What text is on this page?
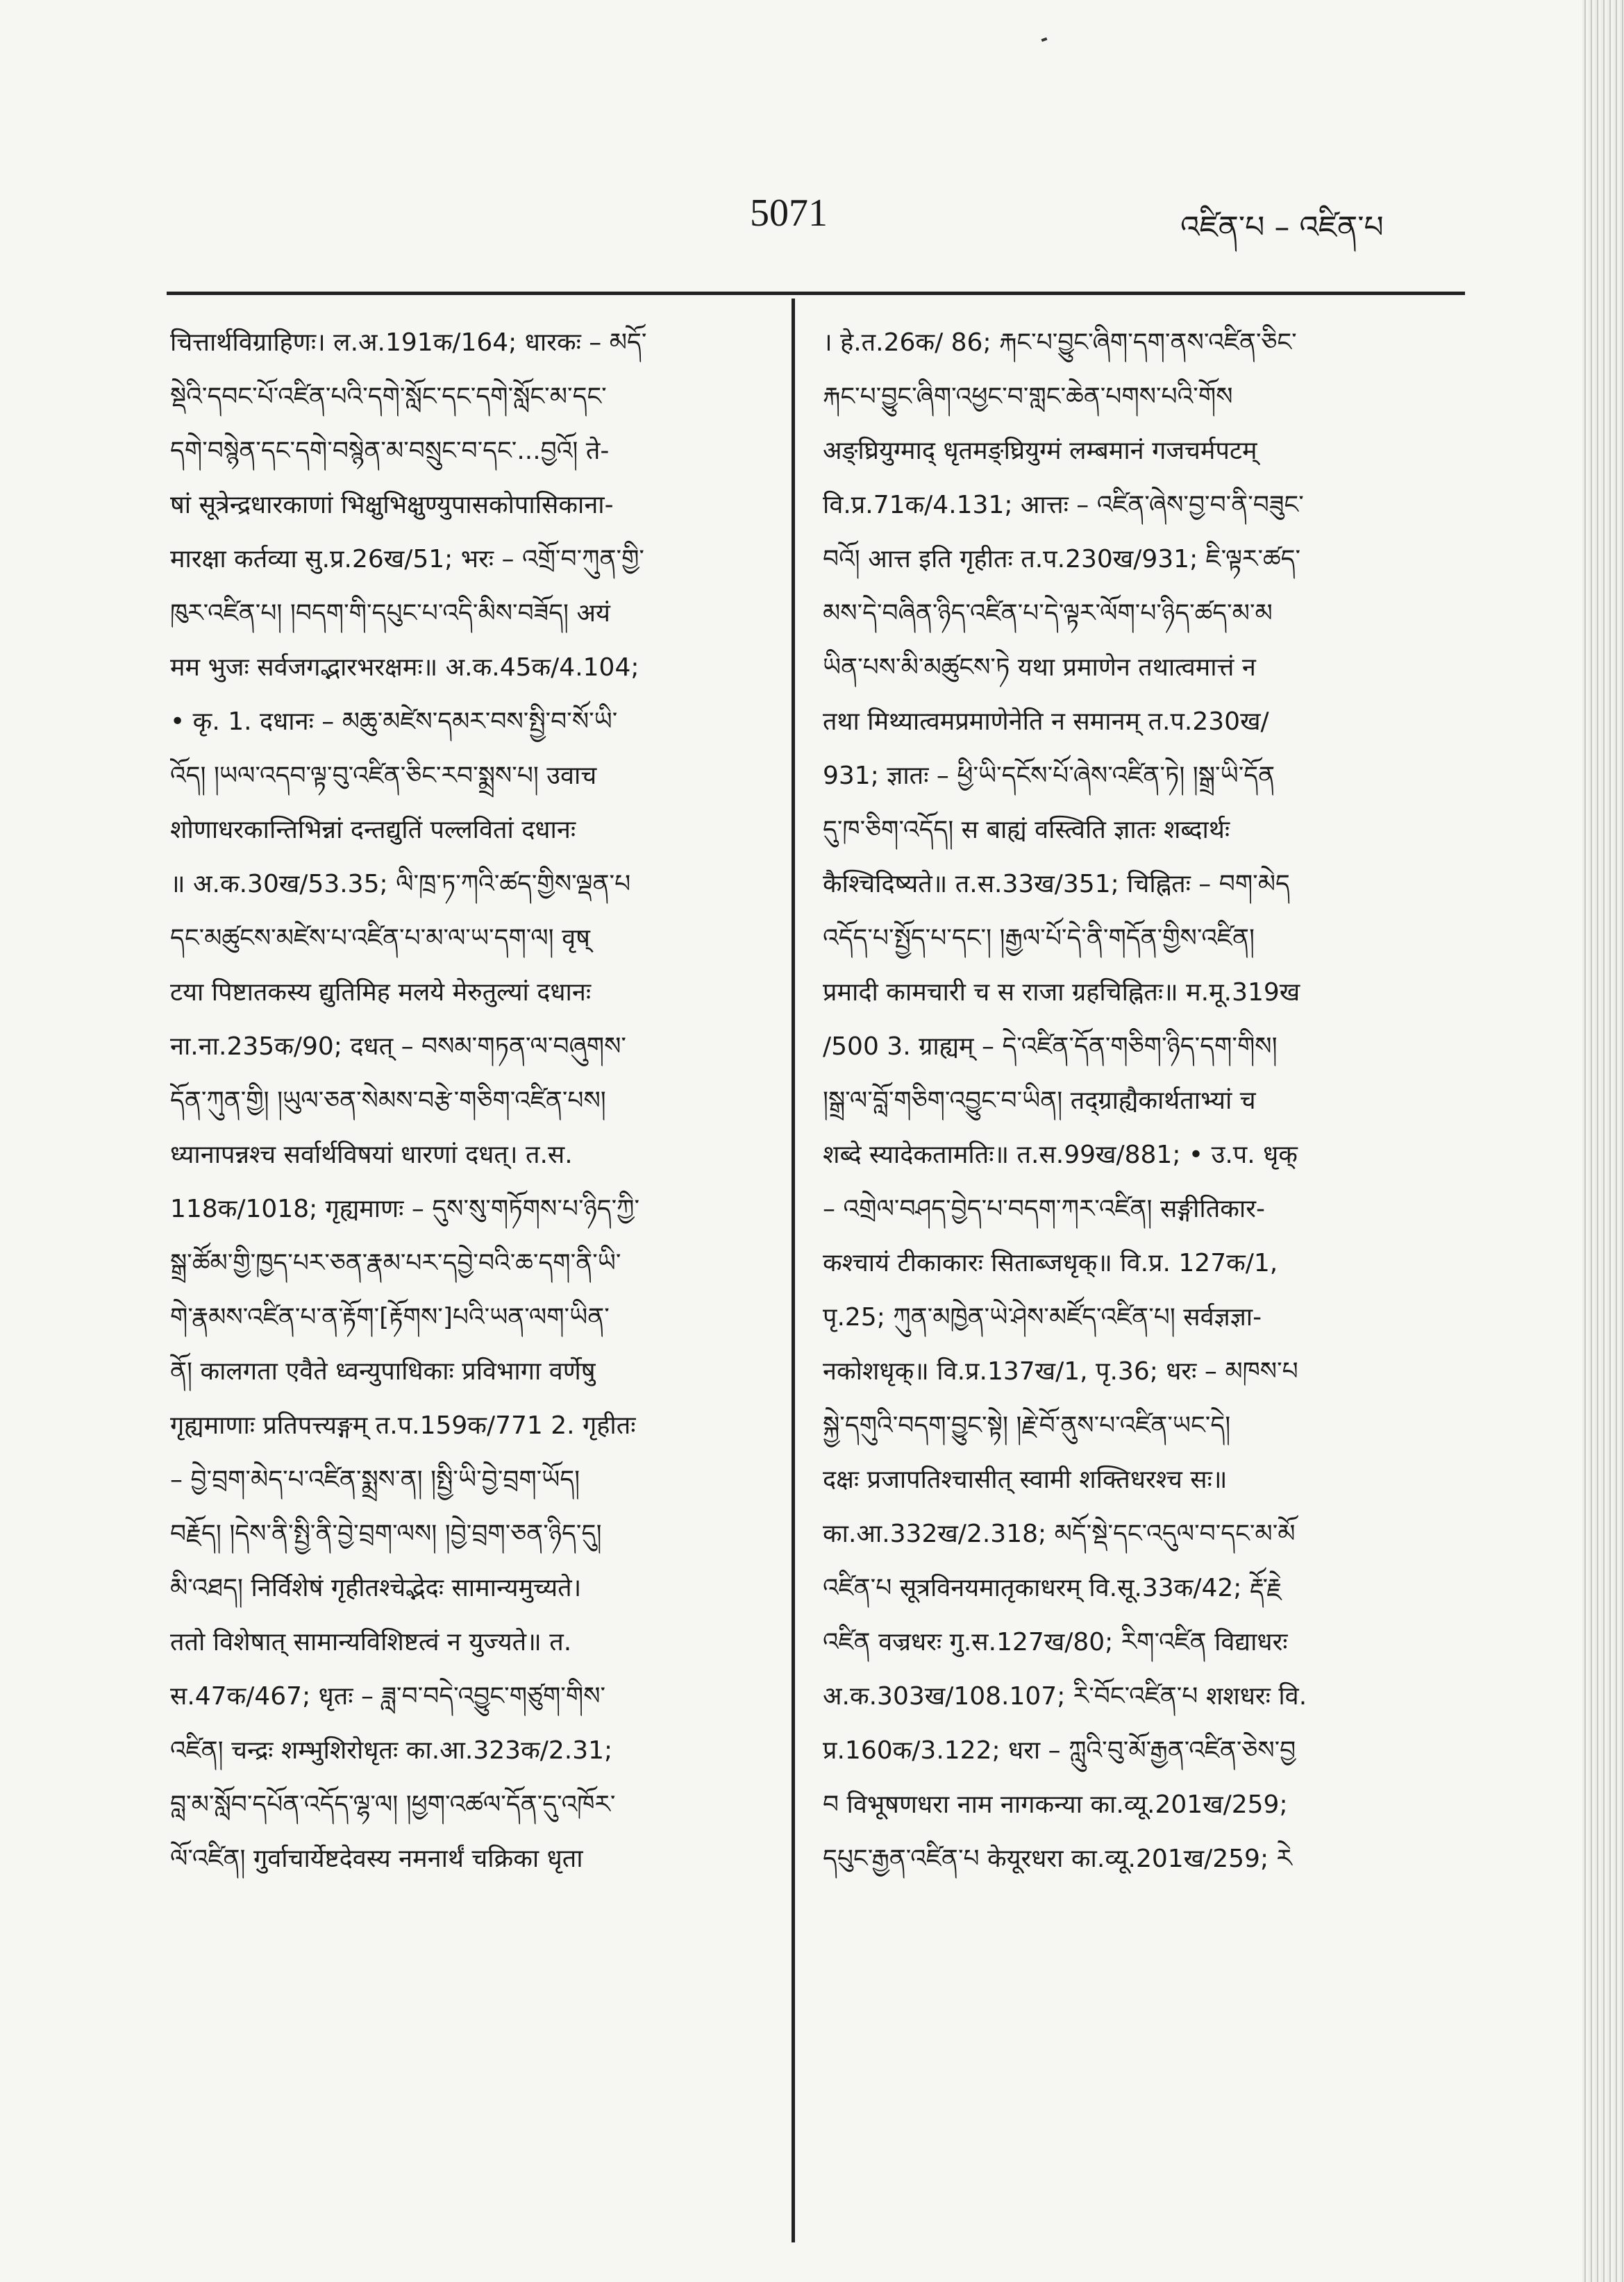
5071	འཛིན་པ – འཛིན་པ
चित्तार्थविग्राहिणः। ल.अ.191क/164; धारकः – མདོ་
སྡེའི་དབང་པོ་འཛིན་པའི་དགེ་སློང་དང་དགེ་སློང་མ་དང་
དགེ་བསྙེན་དང་དགེ་བསྙེན་མ་བསྲུང་བ་དང་...བྱའོ། ते-
षां सूत्रेन्द्रधारकाणां भिक्षुभिक्षुण्युपासकोपासिकाना-
मारक्षा कर्तव्या सु.प्र.26ख/51; भरः – འགྲོ་བ་ཀུན་གྱི་
ཁུར་འཛིན་པ། །བདག་གི་དཔུང་པ་འདི་མིས་བཟོད། अयं
मम भुजः सर्वजगद्भारभरक्षमः॥ अ.क.45क/4.104;
• कृ. 1. दधानः – མཆུ་མཛེས་དམར་བས་སྤྱི་བ་སོ་ཡི་
འོད། །ཡལ་འདབ་ལྟ་བུ་འཛིན་ཅིང་རབ་སྨྲས་པ། उवाच
शोणाधरकान्तिभिन्नां दन्तद्युतिं पल्लवितां दधानः
॥ अ.क.30ख/53.35; ལི་ཁྲ་ཏ་ཀའི་ཚད་གྱིས་ལྡན་པ
དང་མཚུངས་མཛེས་པ་འཛིན་པ་མ་ལ་ཡ་དག་ལ། वृष्
टया पिष्टातकस्य द्युतिमिह मलये मेरुतुल्यां दधानः
ना.ना.235क/90; दधत् – བསམ་གཏན་ལ་བཞུགས་
དོན་ཀུན་གྱི། །ཡུལ་ཅན་སེམས་བརྩེ་གཅིག་འཛིན་པས།
ध्यानापन्नश्च सर्वार्थविषयां धारणां दधत्। त.स.
118क/1018; गृह्यमाणः – དུས་སུ་གཏོགས་པ་ཉིད་ཀྱི་
སྒྲ་ཚོམ་གྱི་ཁྱད་པར་ཅན་རྣམ་པར་དབྱེ་བའི་ཆ་དག་ནི་ཡི་
གེ་རྣམས་འཛིན་པ་ན་རྟོག་[རྟོགས་]པའི་ཡན་ལག་ཡིན་
ནོ། कालगता एवैते ध्वन्युपाधिकाः प्रविभागा वर्णेषु
गृह्यमाणाः प्रतिपत्त्यङ्गम् त.प.159क/771 2. गृहीतः
– བྱེ་བྲག་མེད་པ་འཛིན་སྨྲས་ན། །སྤྱི་ཡི་བྱེ་བྲག་ཡོད།
བརྗོད། །དེས་ནི་སྤྱི་ནི་བྱེ་བྲག་ལས། །བྱེ་བྲག་ཅན་ཉིད་དུ།
མི་འཐད། निर्विशेषं गृहीतश्चेद्भेदः सामान्यमुच्यते।
ततो विशेषात् सामान्यविशिष्टत्वं न युज्यते॥ त.
स.47क/467; धृतः – ཟླ་བ་བདེ་འབྱུང་གཙུག་གིས་
འཛིན། चन्द्रः शम्भुशिरोधृतः का.आ.323क/2.31;
བླ་མ་སློབ་དཔོན་འདོད་ལྷ་ལ། །ཕྱག་འཚལ་དོན་དུ་འཁོར་
ལོ་འཛིན། गुर्वाचार्येष्टदेवस्य नमनार्थं चक्रिका धृता
। हे.त.26क/ 86; རྐང་པ་བྱུང་ཞིག་དག་ནས་འཛིན་ཅིང་
རྐང་པ་བྱུང་ཞིག་འཕྱང་བ་གླང་ཆེན་པགས་པའི་གོས
अङ्घ्रियुग्माद् धृतमङ्घ्रियुग्मं लम्बमानं गजचर्मपटम्
वि.प्र.71क/4.131; आत्तः – འཛིན་ཞེས་བྱ་བ་ནི་བཟུང་
བའོ། आत्त इति गृहीतः त.प.230ख/931; ཇི་ལྟར་ཚད་
མས་དེ་བཞིན་ཉིད་འཛིན་པ་དེ་ལྟར་ལོག་པ་ཉིད་ཚད་མ་མ
ཡིན་པས་མི་མཚུངས་ཏེ यथा प्रमाणेन तथात्वमात्तं न
तथा मिथ्यात्वमप्रमाणेनेति न समानम् त.प.230ख/
931; ज्ञातः – ཕྱི་ཡི་དངོས་པོ་ཞེས་འཛིན་ཏེ། །སྒྲ་ཡི་དོན
དུ་ཁ་ཅིག་འདོད། स बाह्यं वस्त्विति ज्ञातः शब्दार्थः
कैश्चिदिष्यते॥ त.स.33ख/351; चिह्नितः – བག་མེད
འདོད་པ་སྤྱོད་པ་དང་། །རྒྱལ་པོ་དེ་ནི་གདོན་གྱིས་འཛིན།
प्रमादी कामचारी च स राजा ग्रहचिह्नितः॥ म.मू.319ख
/500 3. ग्राह्यम् – དེ་འཛིན་དོན་གཅིག་ཉིད་དག་གིས།
།སྒྲ་ལ་བློ་གཅིག་འབྱུང་བ་ཡིན། तद्ग्राह्यैकार्थताभ्यां च
शब्दे स्यादेकतामतिः॥ त.स.99ख/881; • उ.प. धृक्
– འགྲེལ་བཤད་བྱེད་པ་བདག་ཀར་འཛིན། सङ्गीतिकार-
कश्चायं टीकाकारः सिताब्जधृक्॥ वि.प्र. 127क/1,
पृ.25; ཀུན་མཁྱེན་ཡེ་ཤེས་མཛོད་འཛིན་པ། सर्वज्ञज्ञा-
नकोशधृक्॥ वि.प्र.137ख/1, पृ.36; धरः – མཁས་པ
སྐྱེ་དགུའི་བདག་བྱུང་སྟེ། །རྗེ་བོ་ནུས་པ་འཛིན་ཡང་དེ།
दक्षः प्रजापतिश्चासीत् स्वामी शक्तिधरश्च सः॥
का.आ.332ख/2.318; མདོ་སྡེ་དང་འདུལ་བ་དང་མ་མོ
འཛིན་པ सूत्रविनयमातृकाधरम् वि.सू.33क/42; རྡོ་རྗེ
འཛིན वज्रधरः गु.स.127ख/80; རིག་འཛིན विद्याधरः
अ.क.303ख/108.107; རི་བོང་འཛིན་པ शशधरः वि.
प्र.160क/3.122; धरा – ཀླུའི་བུ་མོ་རྒྱན་འཛིན་ཅེས་བྱ
བ विभूषणधरा नाम नागकन्या का.व्यू.201ख/259;
དཔུང་རྒྱན་འཛིན་པ केयूरधरा का.व्यू.201ख/259; རེ
